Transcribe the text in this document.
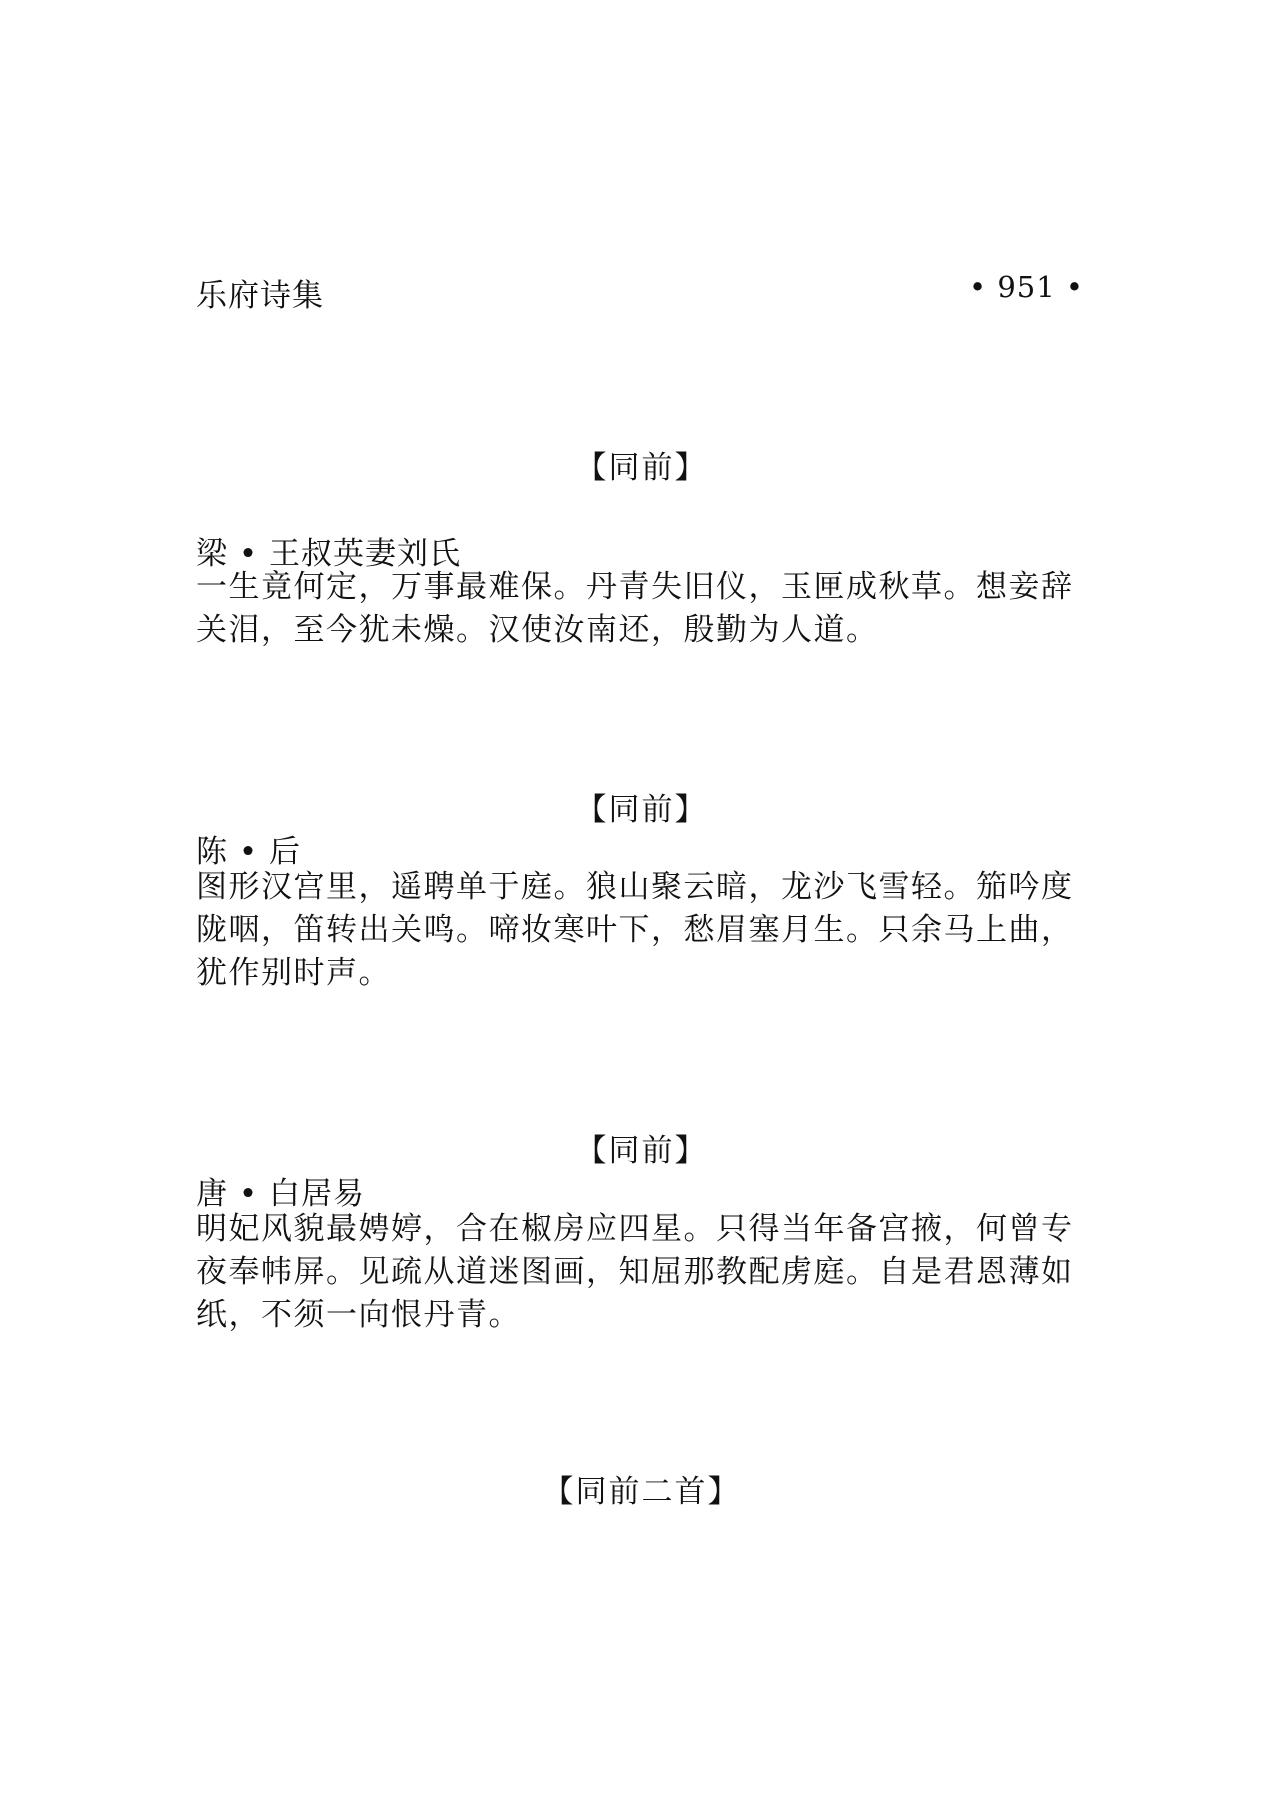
乐府诗集	• 951 •
【同前】
梁 • 王叔英妻刘氏
一生竟何定，万事最难保。丹青失旧仪，玉匣成秋草。想妾辞
关泪，至今犹未燥。汉使汝南还，殷勤为人道。
【同前】
陈 • 后
图形汉宫里，遥聘单于庭。狼山聚云暗，龙沙飞雪轻。笳吟度
陇咽，笛转出关鸣。啼妆寒叶下，愁眉塞月生。只余马上曲，
犹作别时声。
【同前】
唐 • 白居易
明妃风貌最娉婷，合在椒房应四星。只得当年备宫掖，何曾专
夜奉帏屏。见疏从道迷图画，知屈那教配虏庭。自是君恩薄如
纸，不须一向恨丹青。
【同前二首】
